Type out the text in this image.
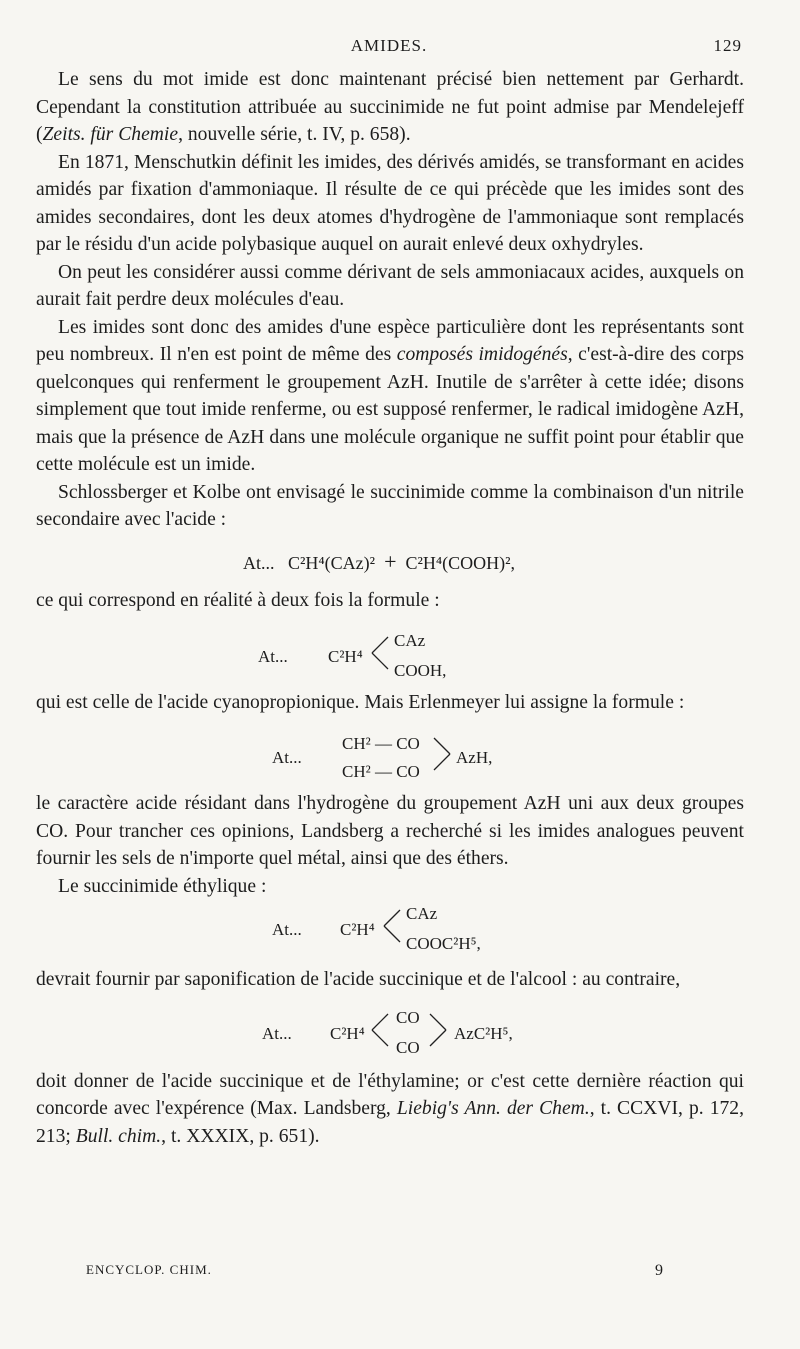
AMIDES.	129

Le sens du mot imide est donc maintenant précisé bien nettement par Gerhardt. Cependant la constitution attribuée au succinimide ne fut point admise par Mendelejeff (Zeits. für Chemie, nouvelle série, t. IV, p. 658).

En 1871, Menschutkin définit les imides, des dérivés amidés, se transformant en acides amidés par fixation d'ammoniaque. Il résulte de ce qui précède que les imides sont des amides secondaires, dont les deux atomes d'hydrogène de l'ammoniaque sont remplacés par le résidu d'un acide polybasique auquel on aurait enlevé deux oxhydryles.

On peut les considérer aussi comme dérivant de sels ammoniacaux acides, auxquels on aurait fait perdre deux molécules d'eau.

Les imides sont donc des amides d'une espèce particulière dont les représentants sont peu nombreux. Il n'en est point de même des composés imidogénés, c'est-à-dire des corps quelconques qui renferment le groupement AzH. Inutile de s'arrêter à cette idée; disons simplement que tout imide renferme, ou est supposé renfermer, le radical imidogène AzH, mais que la présence de AzH dans une molécule organique ne suffit point pour établir que cette molécule est un imide.

Schlossberger et Kolbe ont envisagé le succinimide comme la combinaison d'un nitrile secondaire avec l'acide :

At... C²H⁴(CAz)² + C²H⁴(COOH)²,

ce qui correspond en réalité à deux fois la formule :

At... C²H⁴
CAz
COOH,

qui est celle de l'acide cyanopropionique. Mais Erlenmeyer lui assigne la formule :

At...
CH² — CO
CH² — CO
AzH,

le caractère acide résidant dans l'hydrogène du groupement AzH uni aux deux groupes CO. Pour trancher ces opinions, Landsberg a recherché si les imides analogues peuvent fournir les sels de n'importe quel métal, ainsi que des éthers.

Le succinimide éthylique :

At... C²H⁴
CAz
COOC²H⁵,

devrait fournir par saponification de l'acide succinique et de l'alcool : au contraire,

At... C²H⁴
CO
CO
AzC²H⁵,

doit donner de l'acide succinique et de l'éthylamine; or c'est cette dernière réaction qui concorde avec l'expérence (Max. Landsberg, Liebig's Ann. der Chem., t. CCXVI, p. 172, 213; Bull. chim., t. XXXIX, p. 651).

ENCYCLOP. CHIM.	9
